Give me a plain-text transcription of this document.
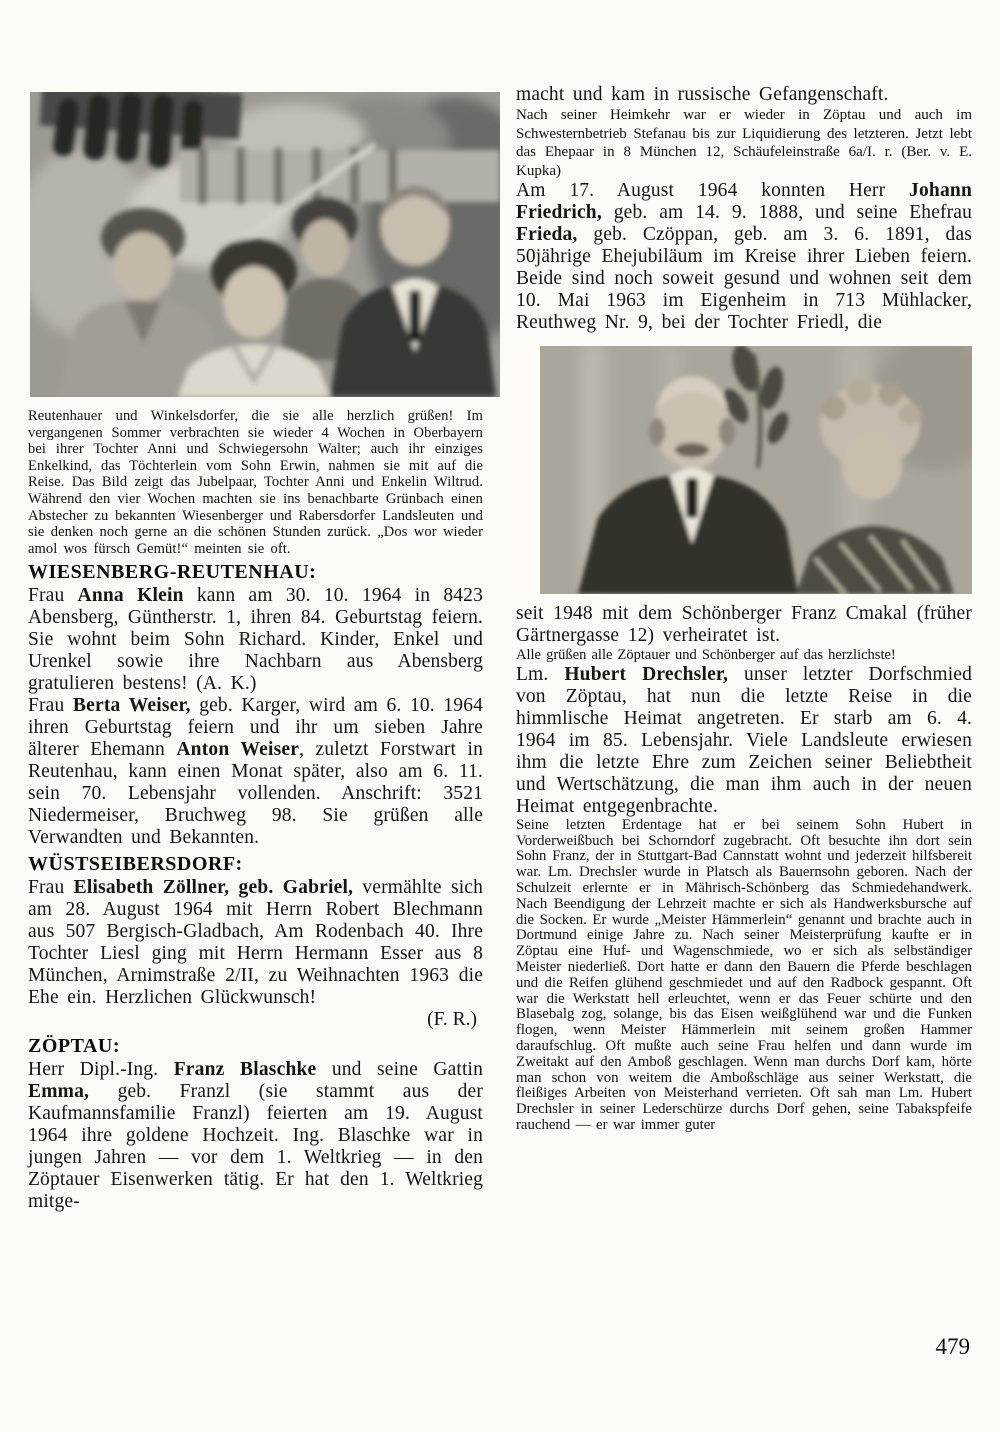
Reutenhauer und Winkelsdorfer, die sie alle herzlich grüßen! Im vergangenen Sommer verbrachten sie wieder 4 Wochen in Oberbayern bei ihrer Tochter Anni und Schwiegersohn Walter; auch ihr einziges Enkelkind, das Töchterlein vom Sohn Erwin, nahmen sie mit auf die Reise. Das Bild zeigt das Jubelpaar, Tochter Anni und Enkelin Wiltrud. Während den vier Wochen machten sie ins benachbarte Grünbach einen Abstecher zu bekannten Wiesenberger und Rabersdorfer Landsleuten und sie denken noch gerne an die schönen Stunden zurück. „Dos wor wieder amol wos fürsch Gemüt!“ meinten sie oft.

WIESENBERG-REUTENHAU:

Frau Anna Klein kann am 30. 10. 1964 in 8423 Abensberg, Güntherstr. 1, ihren 84. Geburtstag feiern. Sie wohnt beim Sohn Richard. Kinder, Enkel und Urenkel sowie ihre Nachbarn aus Abensberg gratulieren bestens! (A. K.)

Frau Berta Weiser, geb. Karger, wird am 6. 10. 1964 ihren Geburtstag feiern und ihr um sieben Jahre älterer Ehemann Anton Weiser, zuletzt Forstwart in Reutenhau, kann einen Monat später, also am 6. 11. sein 70. Lebensjahr vollenden. Anschrift: 3521 Niedermeiser, Bruchweg 98. Sie grüßen alle Verwandten und Bekannten.

WÜSTSEIBERSDORF:

Frau Elisabeth Zöllner, geb. Gabriel, vermählte sich am 28. August 1964 mit Herrn Robert Blechmann aus 507 Bergisch-Gladbach, Am Rodenbach 40. Ihre Tochter Liesl ging mit Herrn Hermann Esser aus 8 München, Arnimstraße 2/II, zu Weihnachten 1963 die Ehe ein. Herzlichen Glückwunsch!

(F. R.)

ZÖPTAU:

Herr Dipl.-Ing. Franz Blaschke und seine Gattin Emma, geb. Franzl (sie stammt aus der Kaufmannsfamilie Franzl) feierten am 19. August 1964 ihre goldene Hochzeit. Ing. Blaschke war in jungen Jahren — vor dem 1. Weltkrieg — in den Zöptauer Eisenwerken tätig. Er hat den 1. Weltkrieg mitge-

macht und kam in russische Gefangenschaft.

Nach seiner Heimkehr war er wieder in Zöptau und auch im Schwesternbetrieb Stefanau bis zur Liquidierung des letzteren. Jetzt lebt das Ehepaar in 8 München 12, Schäufeleinstraße 6a/I. r. (Ber. v. E. Kupka)

Am 17. August 1964 konnten Herr Johann Friedrich, geb. am 14. 9. 1888, und seine Ehefrau Frieda, geb. Czöppan, geb. am 3. 6. 1891, das 50jährige Ehejubiläum im Kreise ihrer Lieben feiern. Beide sind noch soweit gesund und wohnen seit dem 10. Mai 1963 im Eigenheim in 713 Mühlacker, Reuthweg Nr. 9, bei der Tochter Friedl, die

seit 1948 mit dem Schönberger Franz Cmakal (früher Gärtnergasse 12) verheiratet ist.

Alle grüßen alle Zöptauer und Schönberger auf das herzlichste!

Lm. Hubert Drechsler, unser letzter Dorfschmied von Zöptau, hat nun die letzte Reise in die himmlische Heimat angetreten. Er starb am 6. 4. 1964 im 85. Lebensjahr. Viele Landsleute erwiesen ihm die letzte Ehre zum Zeichen seiner Beliebtheit und Wertschätzung, die man ihm auch in der neuen Heimat entgegenbrachte.

Seine letzten Erdentage hat er bei seinem Sohn Hubert in Vorderweißbuch bei Schorndorf zugebracht. Oft besuchte ihn dort sein Sohn Franz, der in Stuttgart-Bad Cannstatt wohnt und jederzeit hilfsbereit war. Lm. Drechsler wurde in Platsch als Bauernsohn geboren. Nach der Schulzeit erlernte er in Mährisch-Schönberg das Schmiedehandwerk. Nach Beendigung der Lehrzeit machte er sich als Handwerksbursche auf die Socken. Er wurde „Meister Hämmerlein“ genannt und brachte auch in Dortmund einige Jahre zu. Nach seiner Meisterprüfung kaufte er in Zöptau eine Huf- und Wagenschmiede, wo er sich als selbständiger Meister niederließ. Dort hatte er dann den Bauern die Pferde beschlagen und die Reifen glühend geschmiedet und auf den Radbock gespannt. Oft war die Werkstatt hell erleuchtet, wenn er das Feuer schürte und den Blasebalg zog, solange, bis das Eisen weißglühend war und die Funken flogen, wenn Meister Hämmerlein mit seinem großen Hammer daraufschlug. Oft mußte auch seine Frau helfen und dann wurde im Zweitakt auf den Amboß geschlagen. Wenn man durchs Dorf kam, hörte man schon von weitem die Amboßschläge aus seiner Werkstatt, die fleißiges Arbeiten von Meisterhand verrieten. Oft sah man Lm. Hubert Drechsler in seiner Lederschürze durchs Dorf gehen, seine Tabakspfeife rauchend — er war immer guter

479
